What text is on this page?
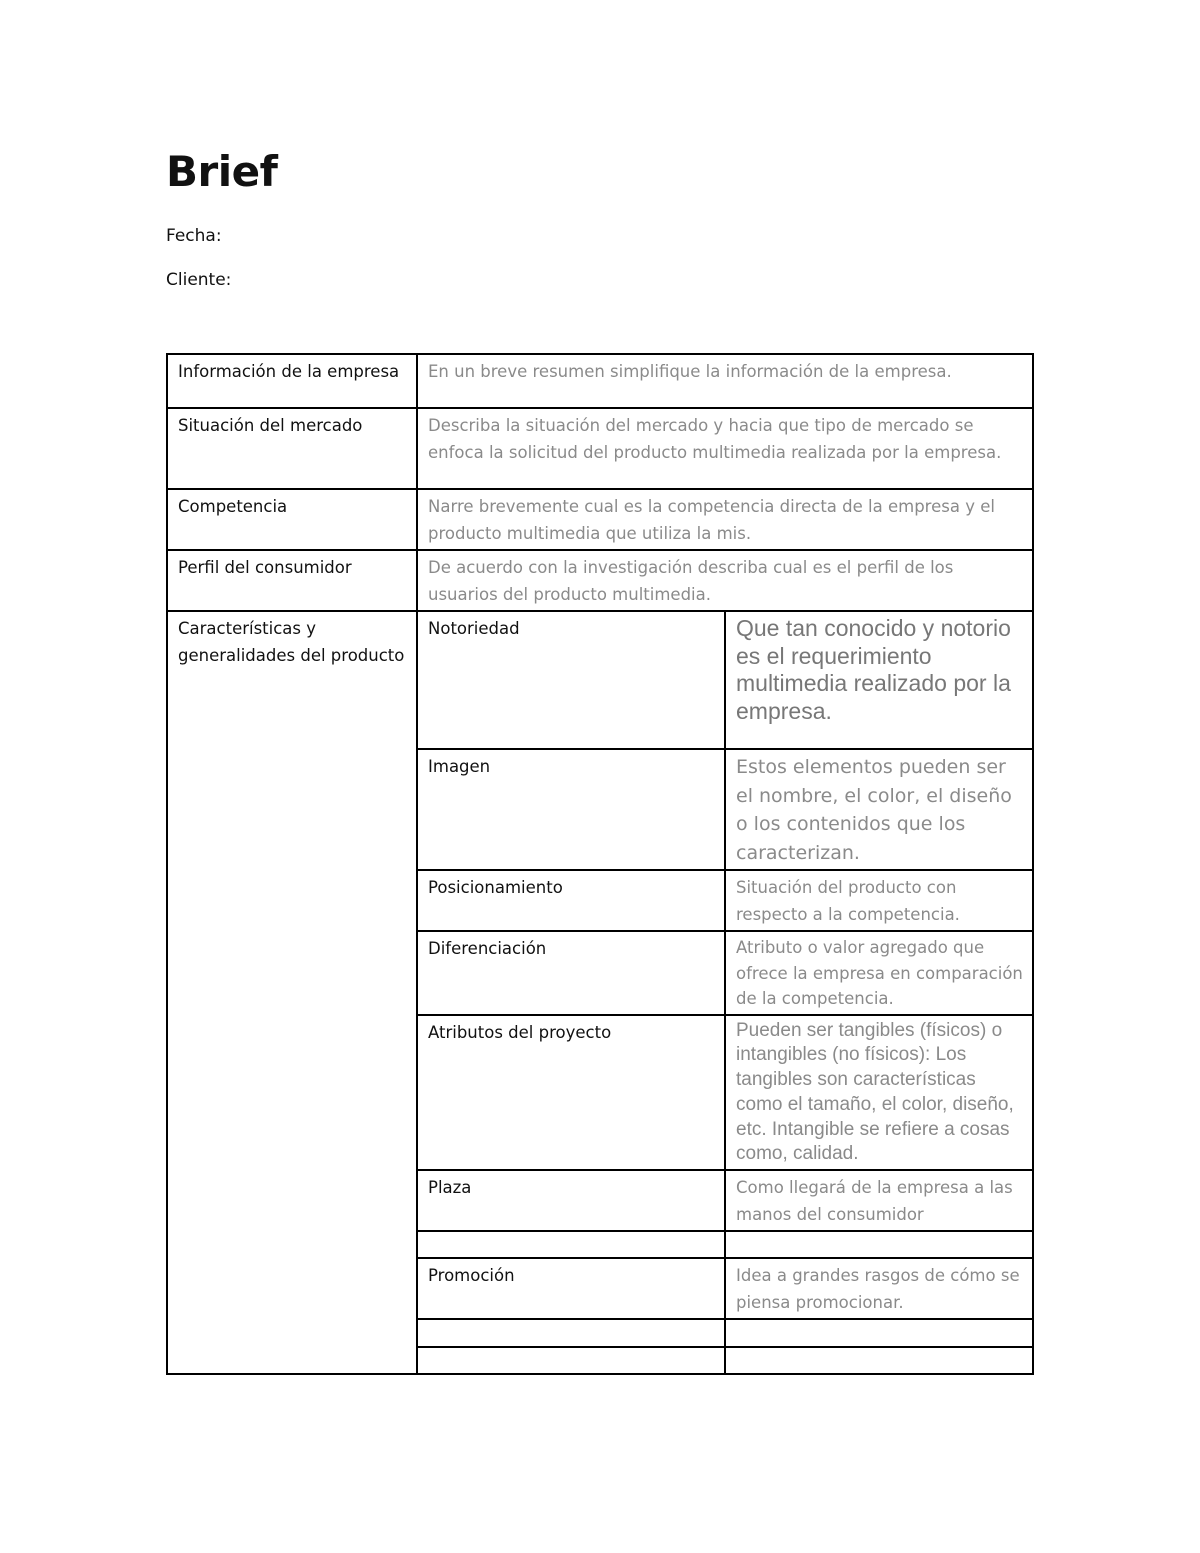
Brief
Fecha:
Cliente:
Información de la empresa	En un breve resumen simplifique la información de la empresa.	
Situación del mercado	Describa la situación del mercado y hacia que tipo de mercado se enfoca la solicitud del producto multimedia realizada por la empresa.	
Competencia	Narre brevemente cual es la competencia directa de la empresa y el producto multimedia que utiliza la mis.	
Perfil del consumidor	De acuerdo con la investigación describa cual es el perfil de los usuarios del producto multimedia.	
Características y generalidades del producto	Notoriedad	Que tan conocido y notorio es el requerimiento multimedia realizado por la empresa.
	Imagen	Estos elementos pueden ser el nombre, el color, el diseño o los contenidos que los caracterizan.
	Posicionamiento	Situación del producto con respecto a la competencia.
	Diferenciación	Atributo o valor agregado que ofrece la empresa en comparación de la competencia.
	Atributos del proyecto	Pueden ser tangibles (físicos) o intangibles (no físicos): Los tangibles son características como el tamaño, el color, diseño, etc. Intangible se refiere a cosas como, calidad.
	Plaza	Como llegará de la empresa a las manos del consumidor

	Promoción	Idea a grandes rasgos de cómo se piensa promocionar.
